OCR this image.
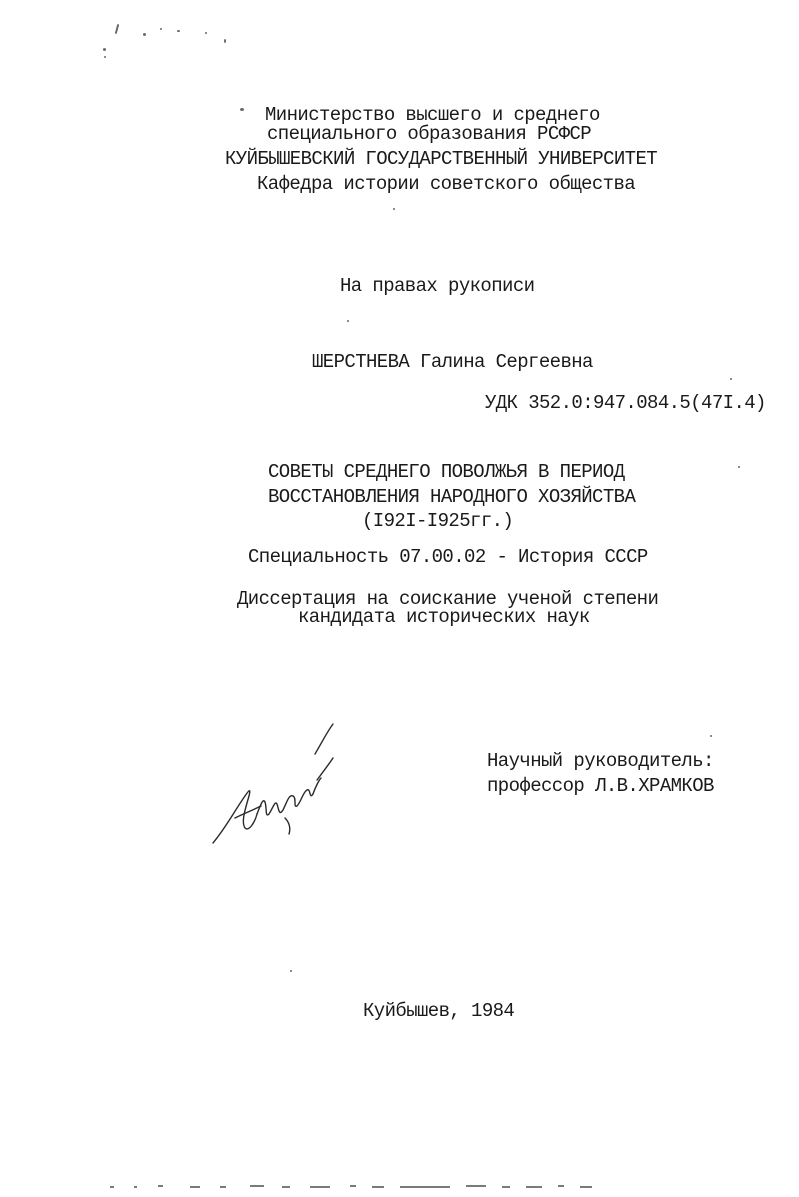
Министерство высшего и среднего
специального образования РСФСР
КУЙБЫШЕВСКИЙ ГОСУДАРСТВЕННЫЙ УНИВЕРСИТЕТ
Кафедра истории советского общества
На правах рукописи
ШЕРСТНЕВА Галина Сергеевна
УДК 352.0:947.084.5(47I.4)
СОВЕТЫ СРЕДНЕГО ПОВОЛЖЬЯ В ПЕРИОД
ВОССТАНОВЛЕНИЯ НАРОДНОГО ХОЗЯЙСТВА
(I92I-I925гг.)
Специальность 07.00.02 - История СССР
Диссертация на соискание ученой степени
кандидата исторических наук
Научный руководитель:
профессор Л.В.ХРАМКОВ
Куйбышев, 1984
